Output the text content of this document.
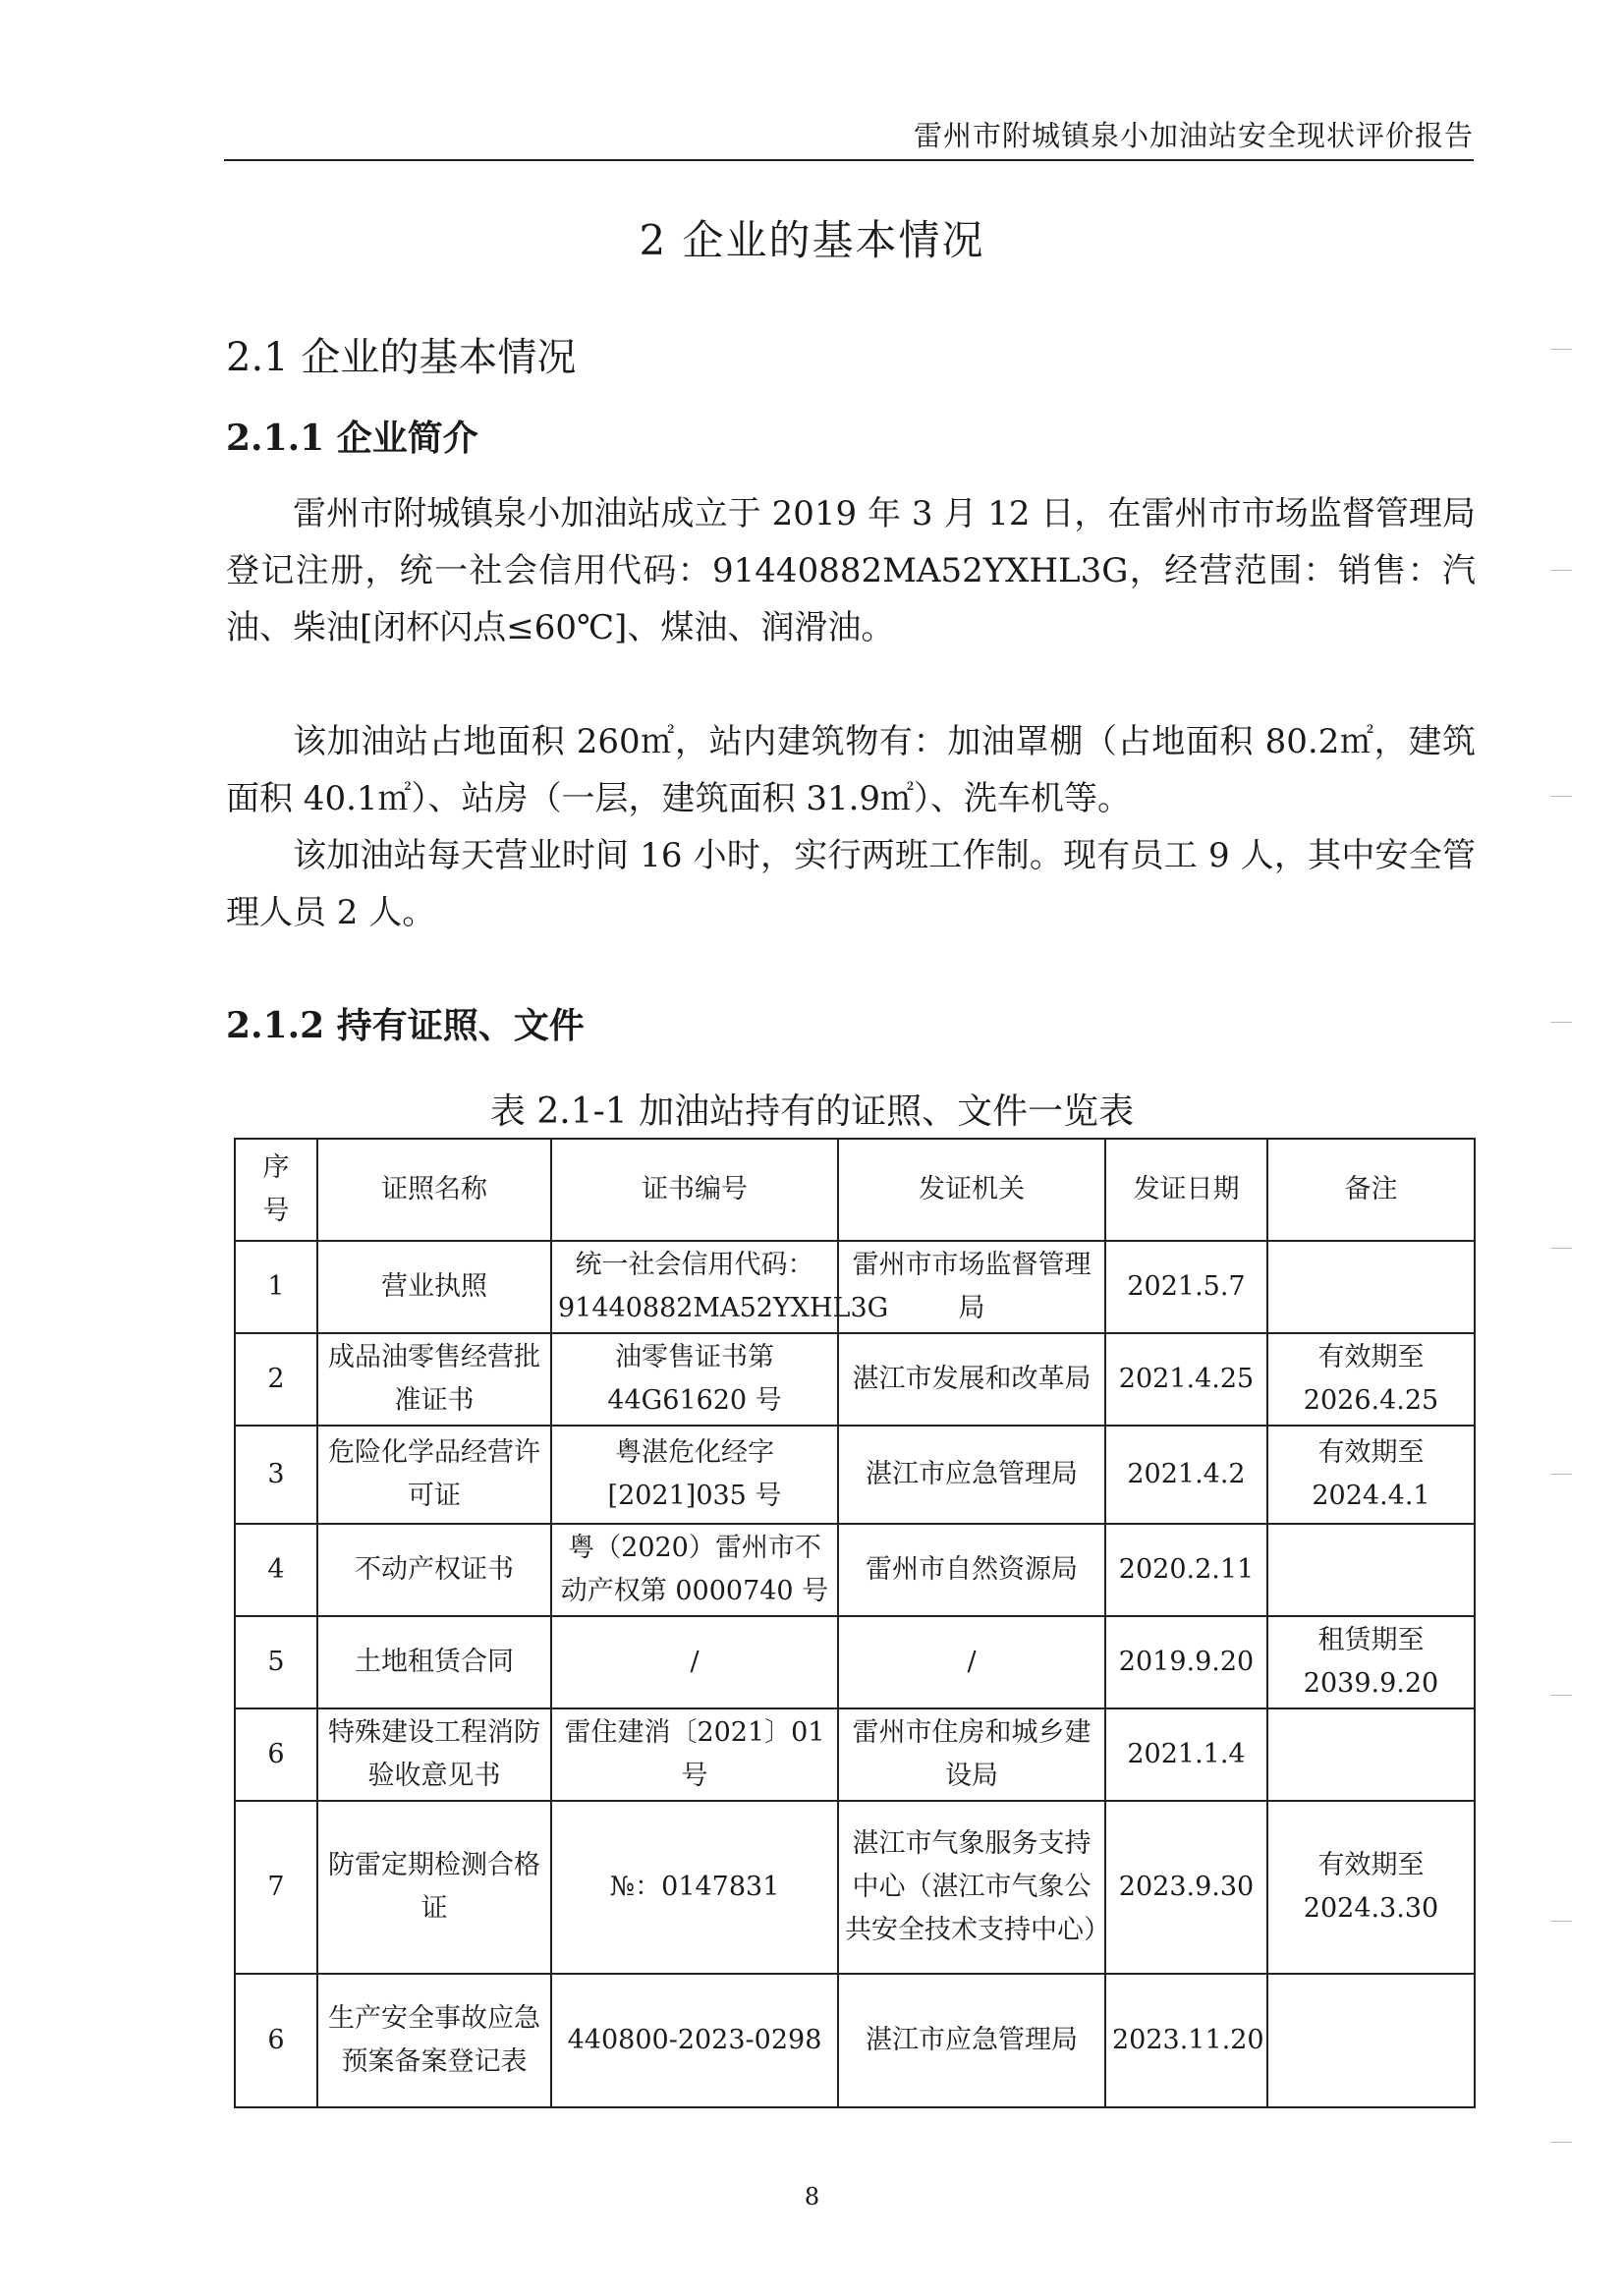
雷州市附城镇泉小加油站安全现状评价报告
2 企业的基本情况
2.1 企业的基本情况
2.1.1 企业简介

雷州市附城镇泉小加油站成立于 2019 年 3 月 12 日，在雷州市市场监督管理局登记注册，统一社会信用代码：91440882MA52YXHL3G，经营范围：销售：汽油、柴油[闭杯闪点≤60℃]、煤油、润滑油。

该加油站占地面积 260㎡，站内建筑物有：加油罩棚（占地面积 80.2㎡，建筑面积 40.1㎡）、站房（一层，建筑面积 31.9㎡）、洗车机等。

该加油站每天营业时间 16 小时，实行两班工作制。现有员工 9 人，其中安全管理人员 2 人。

2.1.2 持有证照、文件
表 2.1-1 加油站持有的证照、文件一览表
序号	证照名称	证书编号	发证机关	发证日期	备注
1	营业执照	统一社会信用代码：91440882MA52YXHL3G	雷州市市场监督管理局	2021.5.7	
2	成品油零售经营批准证书	油零售证书第44G61620 号	湛江市发展和改革局	2021.4.25	有效期至2026.4.25
3	危险化学品经营许可证	粤湛危化经字[2021]035 号	湛江市应急管理局	2021.4.2	有效期至2024.4.1
4	不动产权证书	粤（2020）雷州市不动产权第 0000740 号	雷州市自然资源局	2020.2.11	
5	土地租赁合同	/	/	2019.9.20	租赁期至2039.9.20
6	特殊建设工程消防验收意见书	雷住建消〔2021〕01号	雷州市住房和城乡建设局	2021.1.4	
7	防雷定期检测合格证	№：0147831	湛江市气象服务支持中心（湛江市气象公共安全技术支持中心）	2023.9.30	有效期至2024.3.30
6	生产安全事故应急预案备案登记表	440800-2023-0298	湛江市应急管理局	2023.11.20	
8
